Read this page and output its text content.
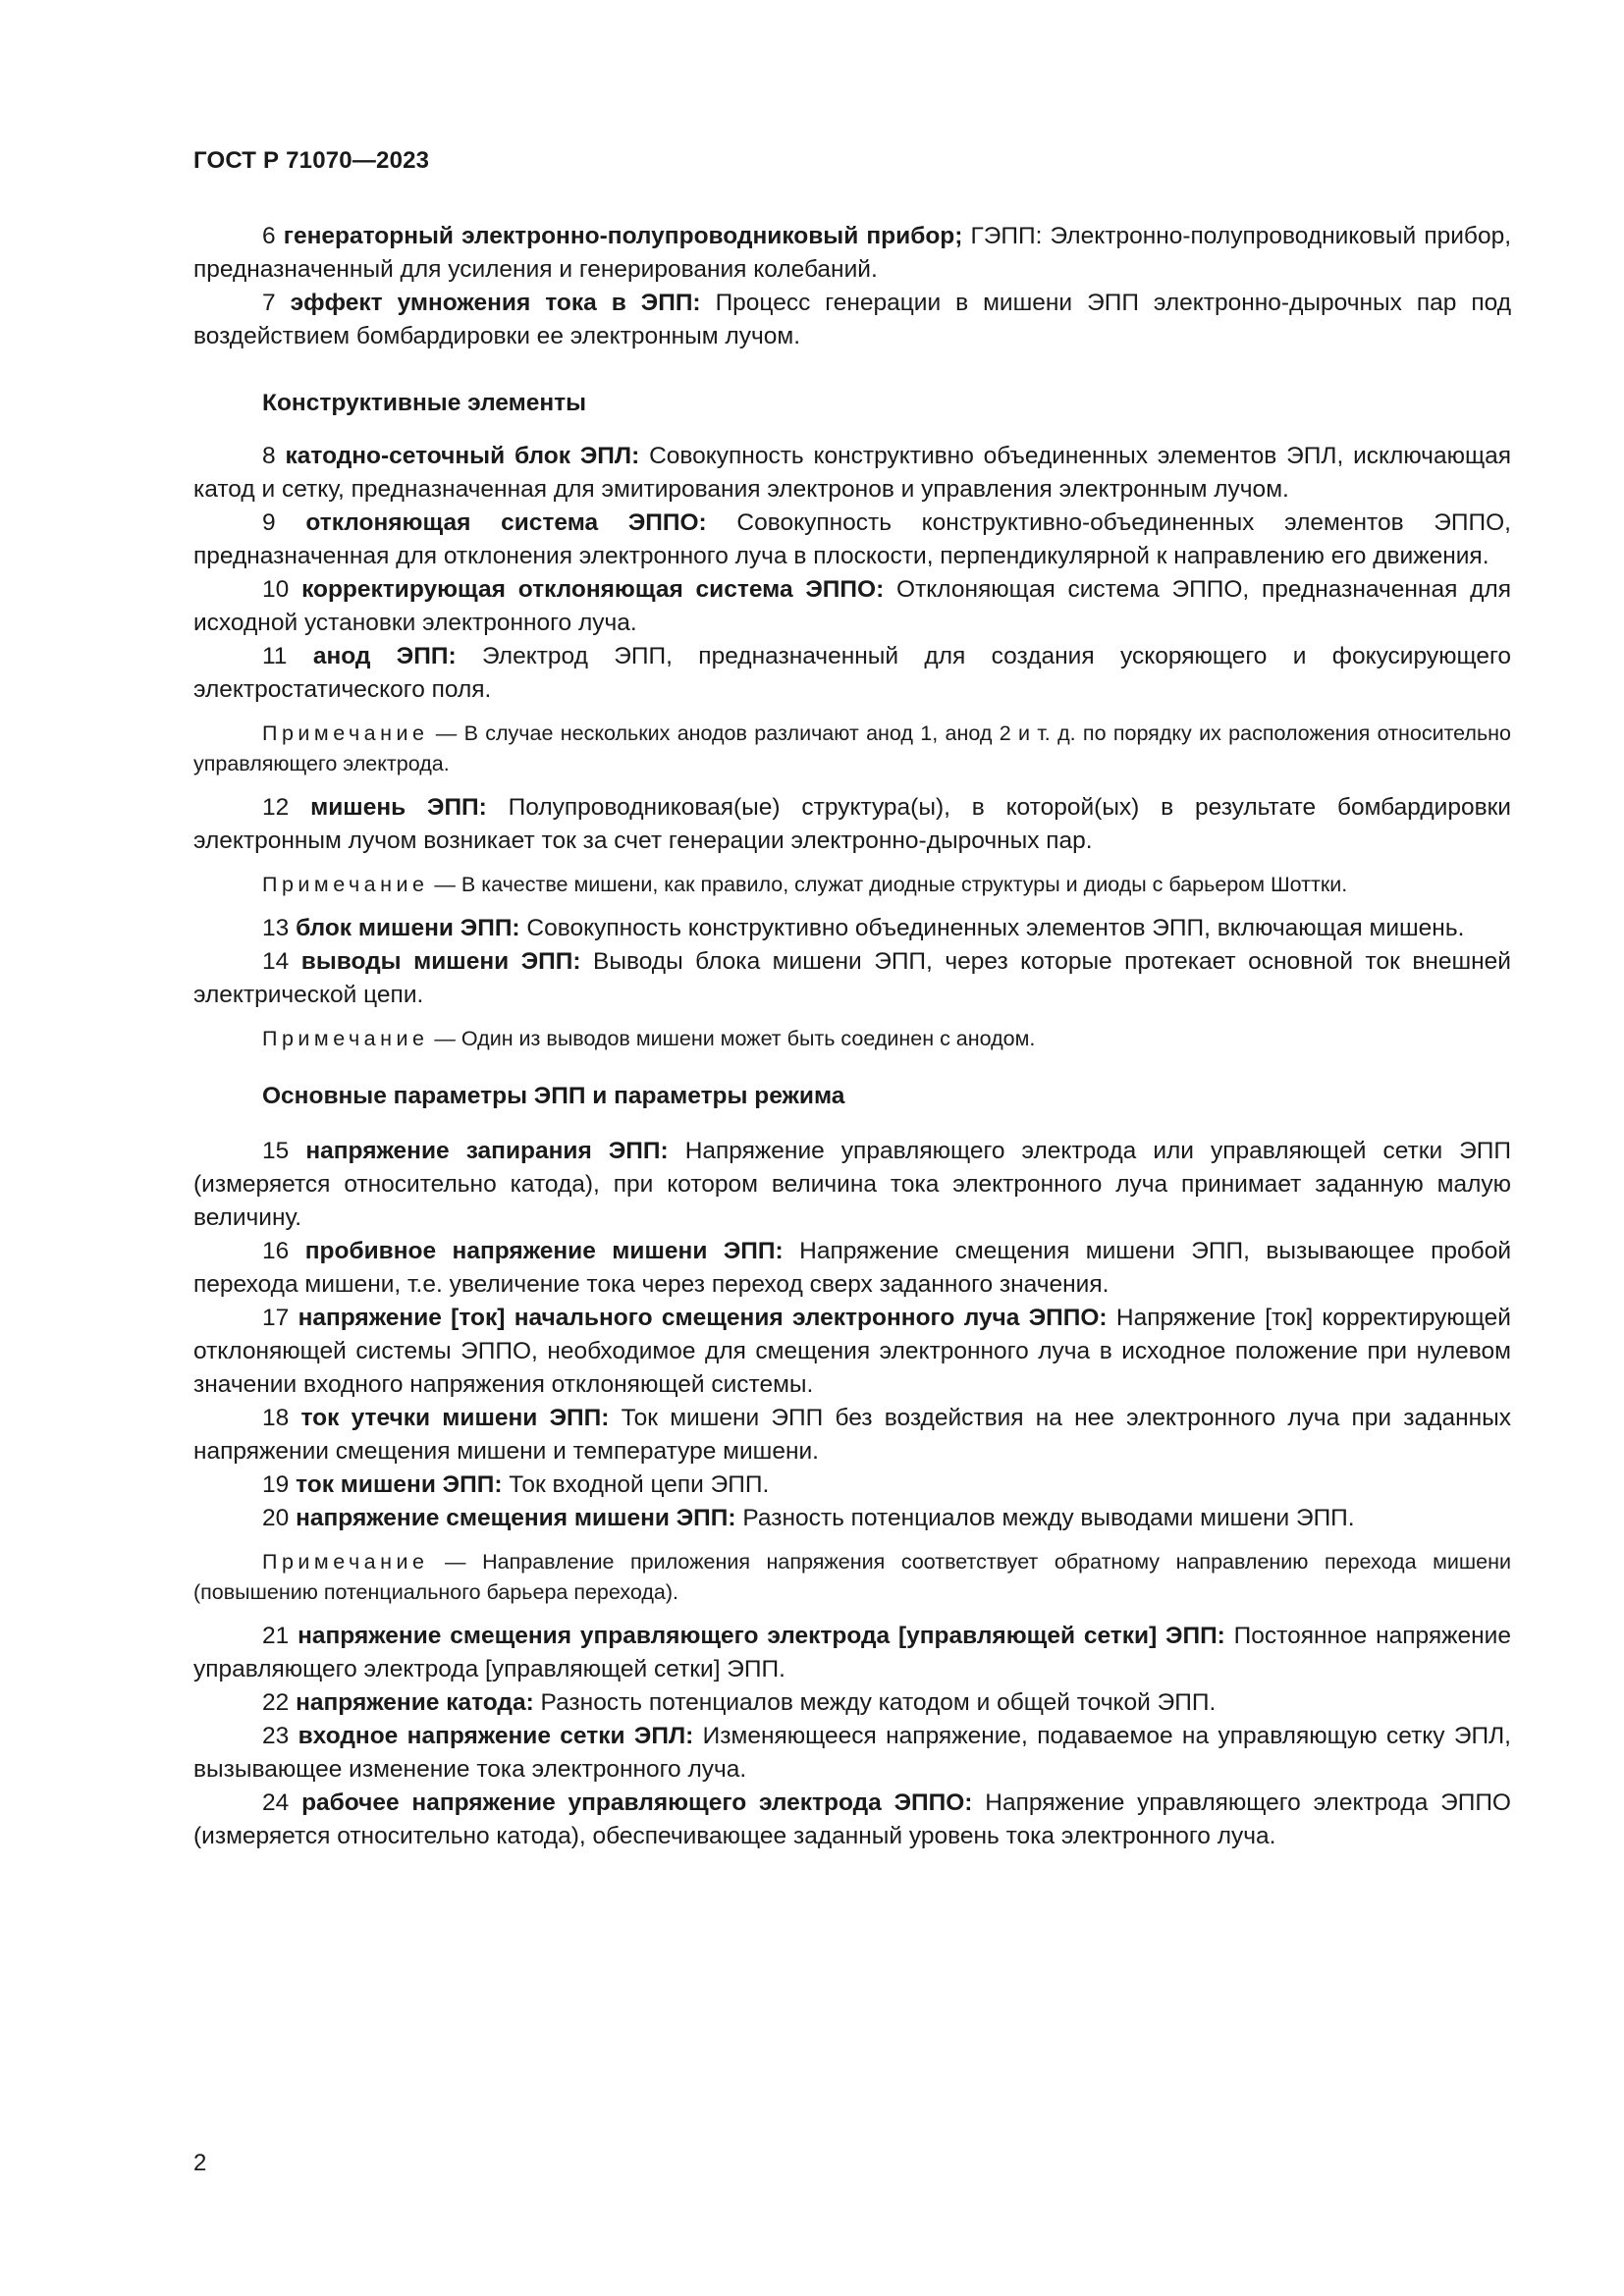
ГОСТ Р 71070—2023

6 генераторный электронно-полупроводниковый прибор; ГЭПП: Электронно-полупроводниковый прибор, предназначенный для усиления и генерирования колебаний.

7 эффект умножения тока в ЭПП: Процесс генерации в мишени ЭПП электронно-дырочных пар под воздействием бомбардировки ее электронным лучом.

Конструктивные элементы

8 катодно-сеточный блок ЭПЛ: Совокупность конструктивно объединенных элементов ЭПЛ, исключающая катод и сетку, предназначенная для эмитирования электронов и управления электронным лучом.

9 отклоняющая система ЭППО: Совокупность конструктивно-объединенных элементов ЭППО, предназначенная для отклонения электронного луча в плоскости, перпендикулярной к направлению его движения.

10 корректирующая отклоняющая система ЭППО: Отклоняющая система ЭППО, предназначенная для исходной установки электронного луча.

11 анод ЭПП: Электрод ЭПП, предназначенный для создания ускоряющего и фокусирующего электростатического поля.

Примечание — В случае нескольких анодов различают анод 1, анод 2 и т. д. по порядку их расположения относительно управляющего электрода.

12 мишень ЭПП: Полупроводниковая(ые) структура(ы), в которой(ых) в результате бомбардировки электронным лучом возникает ток за счет генерации электронно-дырочных пар.

Примечание — В качестве мишени, как правило, служат диодные структуры и диоды с барьером Шоттки.

13 блок мишени ЭПП: Совокупность конструктивно объединенных элементов ЭПП, включающая мишень.

14 выводы мишени ЭПП: Выводы блока мишени ЭПП, через которые протекает основной ток внешней электрической цепи.

Примечание — Один из выводов мишени может быть соединен с анодом.

Основные параметры ЭПП и параметры режима

15 напряжение запирания ЭПП: Напряжение управляющего электрода или управляющей сетки ЭПП (измеряется относительно катода), при котором величина тока электронного луча принимает заданную малую величину.

16 пробивное напряжение мишени ЭПП: Напряжение смещения мишени ЭПП, вызывающее пробой перехода мишени, т.е. увеличение тока через переход сверх заданного значения.

17 напряжение [ток] начального смещения электронного луча ЭППО: Напряжение [ток] корректирующей отклоняющей системы ЭППО, необходимое для смещения электронного луча в исходное положение при нулевом значении входного напряжения отклоняющей системы.

18 ток утечки мишени ЭПП: Ток мишени ЭПП без воздействия на нее электронного луча при заданных напряжении смещения мишени и температуре мишени.

19 ток мишени ЭПП: Ток входной цепи ЭПП.

20 напряжение смещения мишени ЭПП: Разность потенциалов между выводами мишени ЭПП.

Примечание — Направление приложения напряжения соответствует обратному направлению перехода мишени (повышению потенциального барьера перехода).

21 напряжение смещения управляющего электрода [управляющей сетки] ЭПП: Постоянное напряжение управляющего электрода [управляющей сетки] ЭПП.

22 напряжение катода: Разность потенциалов между катодом и общей точкой ЭПП.

23 входное напряжение сетки ЭПЛ: Изменяющееся напряжение, подаваемое на управляющую сетку ЭПЛ, вызывающее изменение тока электронного луча.

24 рабочее напряжение управляющего электрода ЭППО: Напряжение управляющего электрода ЭППО (измеряется относительно катода), обеспечивающее заданный уровень тока электронного луча.

2
